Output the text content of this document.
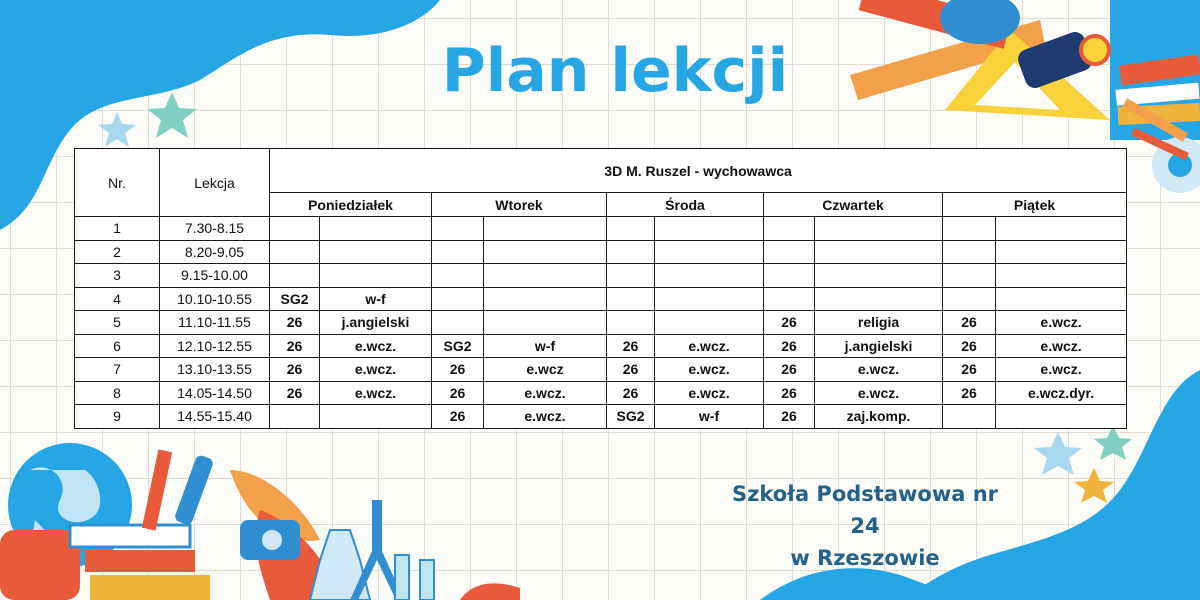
Plan lekcji
Nr.	Lekcja	3D M. Ruszel - wychowawca									
		Poniedziałek		Wtorek		Środa		Czwartek		Piątek	
1	7.30-8.15										
2	8.20-9.05										
3	9.15-10.00										
4	10.10-10.55	SG2	w-f								
5	11.10-11.55	26	j.angielski					26	religia	26	e.wcz.
6	12.10-12.55	26	e.wcz.	SG2	w-f	26	e.wcz.	26	j.angielski	26	e.wcz.
7	13.10-13.55	26	e.wcz.	26	e.wcz	26	e.wcz.	26	e.wcz.	26	e.wcz.
8	14.05-14.50	26	e.wcz.	26	e.wcz.	26	e.wcz.	26	e.wcz.	26	e.wcz.dyr.
9	14.55-15.40			26	e.wcz.	SG2	w-f	26	zaj.komp.		
Szkoła Podstawowa nr 24
w Rzeszowie
